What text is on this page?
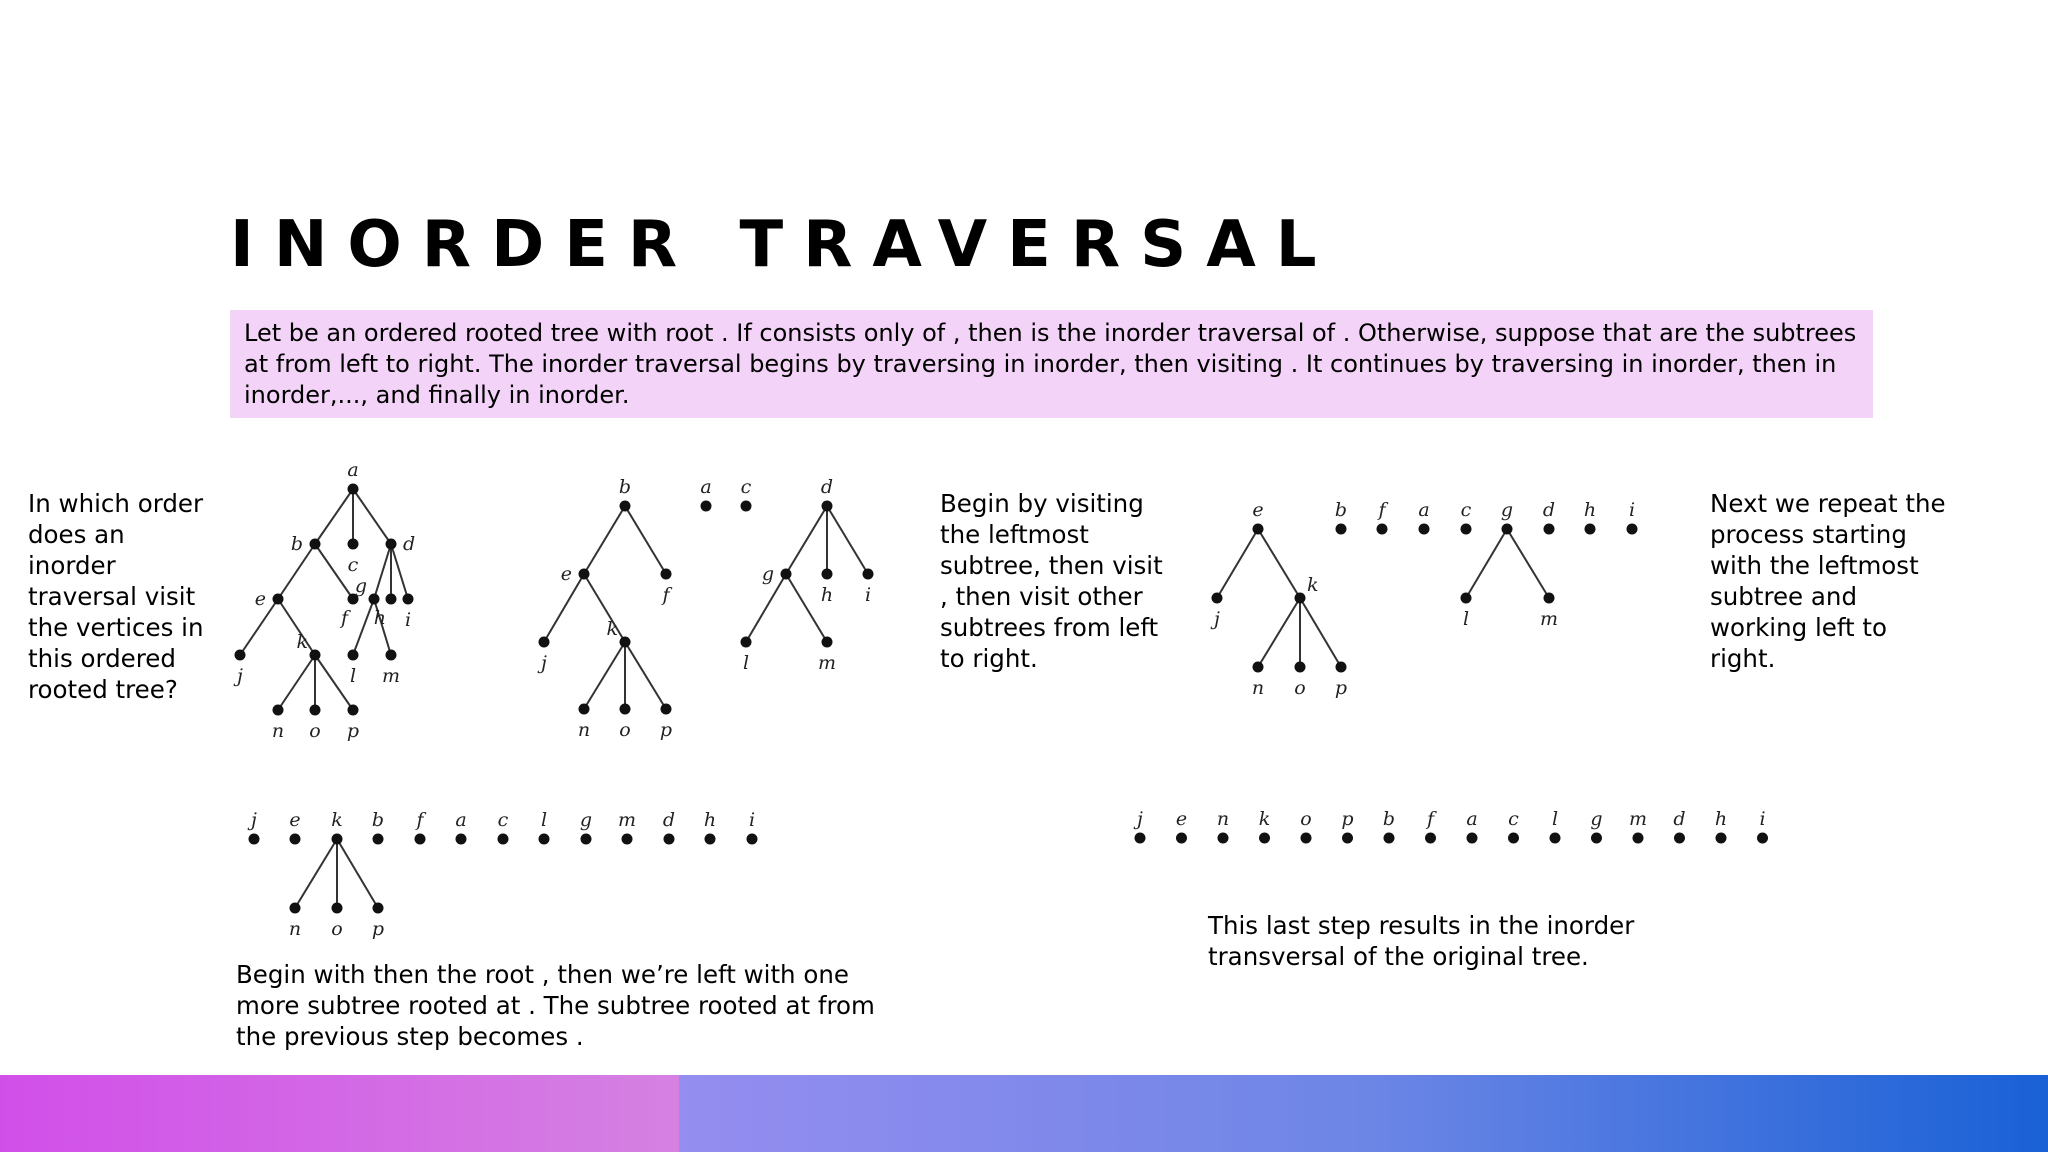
INORDER TRAVERSAL
Let be an ordered rooted tree with root . If consists only of , then is the inorder traversal of . Otherwise, suppose that are the subtrees at from left to right. The inorder traversal begins by traversing in inorder, then visiting . It continues by traversing in inorder, then in inorder,..., and finally in inorder.
In which order does an inorder traversal visit the vertices in this ordered rooted tree?
Begin by visiting the leftmost subtree, then visit , then visit other subtrees from left to right.
Next we repeat the process starting with the leftmost subtree and working left to right.
Begin with then the root , then we’re left with one more subtree rooted at . The subtree rooted at from the previous step becomes .
This last step results in the inorder transversal of the original tree.
a
b
c
d
e
f
g
h i
j
k
l m
n o p
b	a c	d
e
f
g
h i
j
k
l	m
n o p
e	b f a c g d h i
j
k
l	m
n o p
j e k b f a c l g m d h i
n o p
j e n k o p b f a c l g m d h i
